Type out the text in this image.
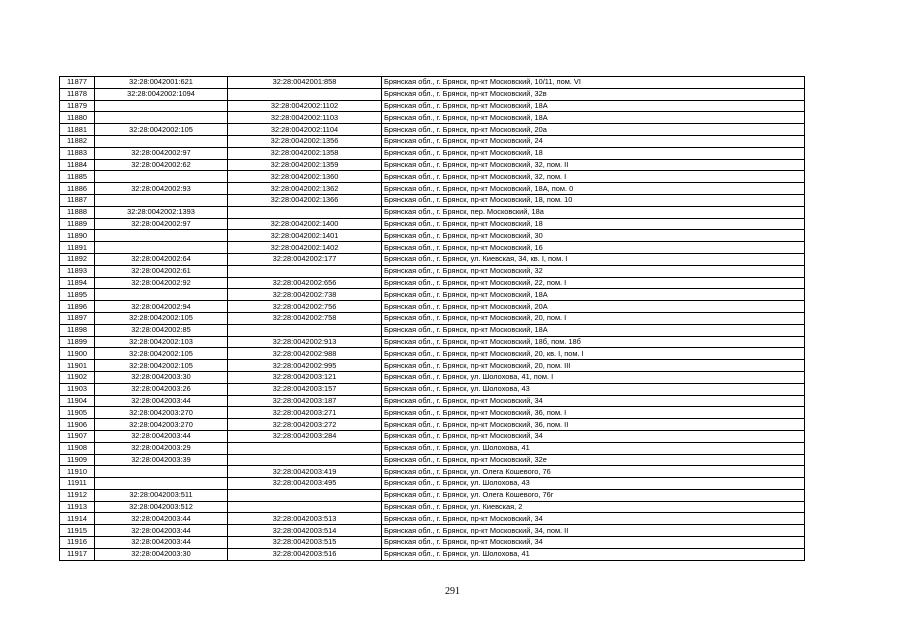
11877	32:28:0042001:621	32:28:0042001:858	Брянская обл., г. Брянск, пр-кт Московский, 10/11, пом. VI
11878	32:28:0042002:1094		Брянская обл., г. Брянск, пр-кт Московский, 32в
11879		32:28:0042002:1102	Брянская обл., г. Брянск, пр-кт Московский, 18А
11880		32:28:0042002:1103	Брянская обл., г. Брянск, пр-кт Московский, 18А
11881	32:28:0042002:105	32:28:0042002:1104	Брянская обл., г. Брянск, пр-кт Московский, 20а
11882		32:28:0042002:1356	Брянская обл., г. Брянск, пр-кт Московский, 24
11883	32:28:0042002:97	32:28:0042002:1358	Брянская обл., г. Брянск, пр-кт Московский, 18
11884	32:28:0042002:62	32:28:0042002:1359	Брянская обл., г. Брянск, пр-кт Московский, 32, пом. II
11885		32:28:0042002:1360	Брянская обл., г. Брянск, пр-кт Московский, 32, пом. I
11886	32:28:0042002:93	32:28:0042002:1362	Брянская обл., г. Брянск, пр-кт Московский, 18А, пом. 0
11887		32:28:0042002:1366	Брянская обл., г. Брянск, пр-кт Московский, 18, пом. 10
11888	32:28:0042002:1393		Брянская обл., г. Брянск, пер. Московский, 18а
11889	32:28:0042002:97	32:28:0042002:1400	Брянская обл., г. Брянск, пр-кт Московский, 18
11890		32:28:0042002:1401	Брянская обл., г. Брянск, пр-кт Московский, 30
11891		32:28:0042002:1402	Брянская обл., г. Брянск, пр-кт Московский, 16
11892	32:28:0042002:64	32:28:0042002:177	Брянская обл., г. Брянск, ул. Киевская, 34, кв. I, пом. I
11893	32:28:0042002:61		Брянская обл., г. Брянск, пр-кт Московский, 32
11894	32:28:0042002:92	32:28:0042002:656	Брянская обл., г. Брянск, пр-кт Московский, 22, пом. I
11895		32:28:0042002:738	Брянская обл., г. Брянск, пр-кт Московский, 18А
11896	32:28:0042002:94	32:28:0042002:756	Брянская обл., г. Брянск, пр-кт Московский, 20А
11897	32:28:0042002:105	32:28:0042002:758	Брянская обл., г. Брянск, пр-кт Московский, 20, пом. I
11898	32:28:0042002:85		Брянская обл., г. Брянск, пр-кт Московский, 18А
11899	32:28:0042002:103	32:28:0042002:913	Брянская обл., г. Брянск, пр-кт Московский, 18б, пом. 18б
11900	32:28:0042002:105	32:28:0042002:988	Брянская обл., г. Брянск, пр-кт Московский, 20, кв. I, пом. I
11901	32:28:0042002:105	32:28:0042002:995	Брянская обл., г. Брянск, пр-кт Московский, 20, пом. III
11902	32:28:0042003:30	32:28:0042003:121	Брянская обл., г. Брянск, ул. Шолохова, 41, пом. I
11903	32:28:0042003:26	32:28:0042003:157	Брянская обл., г. Брянск, ул. Шолохова, 43
11904	32:28:0042003:44	32:28:0042003:187	Брянская обл., г. Брянск, пр-кт Московский, 34
11905	32:28:0042003:270	32:28:0042003:271	Брянская обл., г. Брянск, пр-кт Московский, 36, пом. I
11906	32:28:0042003:270	32:28:0042003:272	Брянская обл., г. Брянск, пр-кт Московский, 36, пом. II
11907	32:28:0042003:44	32:28:0042003:284	Брянская обл., г. Брянск, пр-кт Московский, 34
11908	32:28:0042003:29		Брянская обл., г. Брянск, ул. Шолохова, 41
11909	32:28:0042003:39		Брянская обл., г. Брянск, пр-кт Московский, 32е
11910		32:28:0042003:419	Брянская обл., г. Брянск, ул. Олега Кошевого, 76
11911		32:28:0042003:495	Брянская обл., г. Брянск, ул. Шолохова, 43
11912	32:28:0042003:511		Брянская обл., г. Брянск, ул. Олега Кошевого, 76г
11913	32:28:0042003:512		Брянская обл., г. Брянск, ул. Киевская, 2
11914	32:28:0042003:44	32:28:0042003:513	Брянская обл., г. Брянск, пр-кт Московский, 34
11915	32:28:0042003:44	32:28:0042003:514	Брянская обл., г. Брянск, пр-кт Московский, 34, пом. II
11916	32:28:0042003:44	32:28:0042003:515	Брянская обл., г. Брянск, пр-кт Московский, 34
11917	32:28:0042003:30	32:28:0042003:516	Брянская обл., г. Брянск, ул. Шолохова, 41
291
